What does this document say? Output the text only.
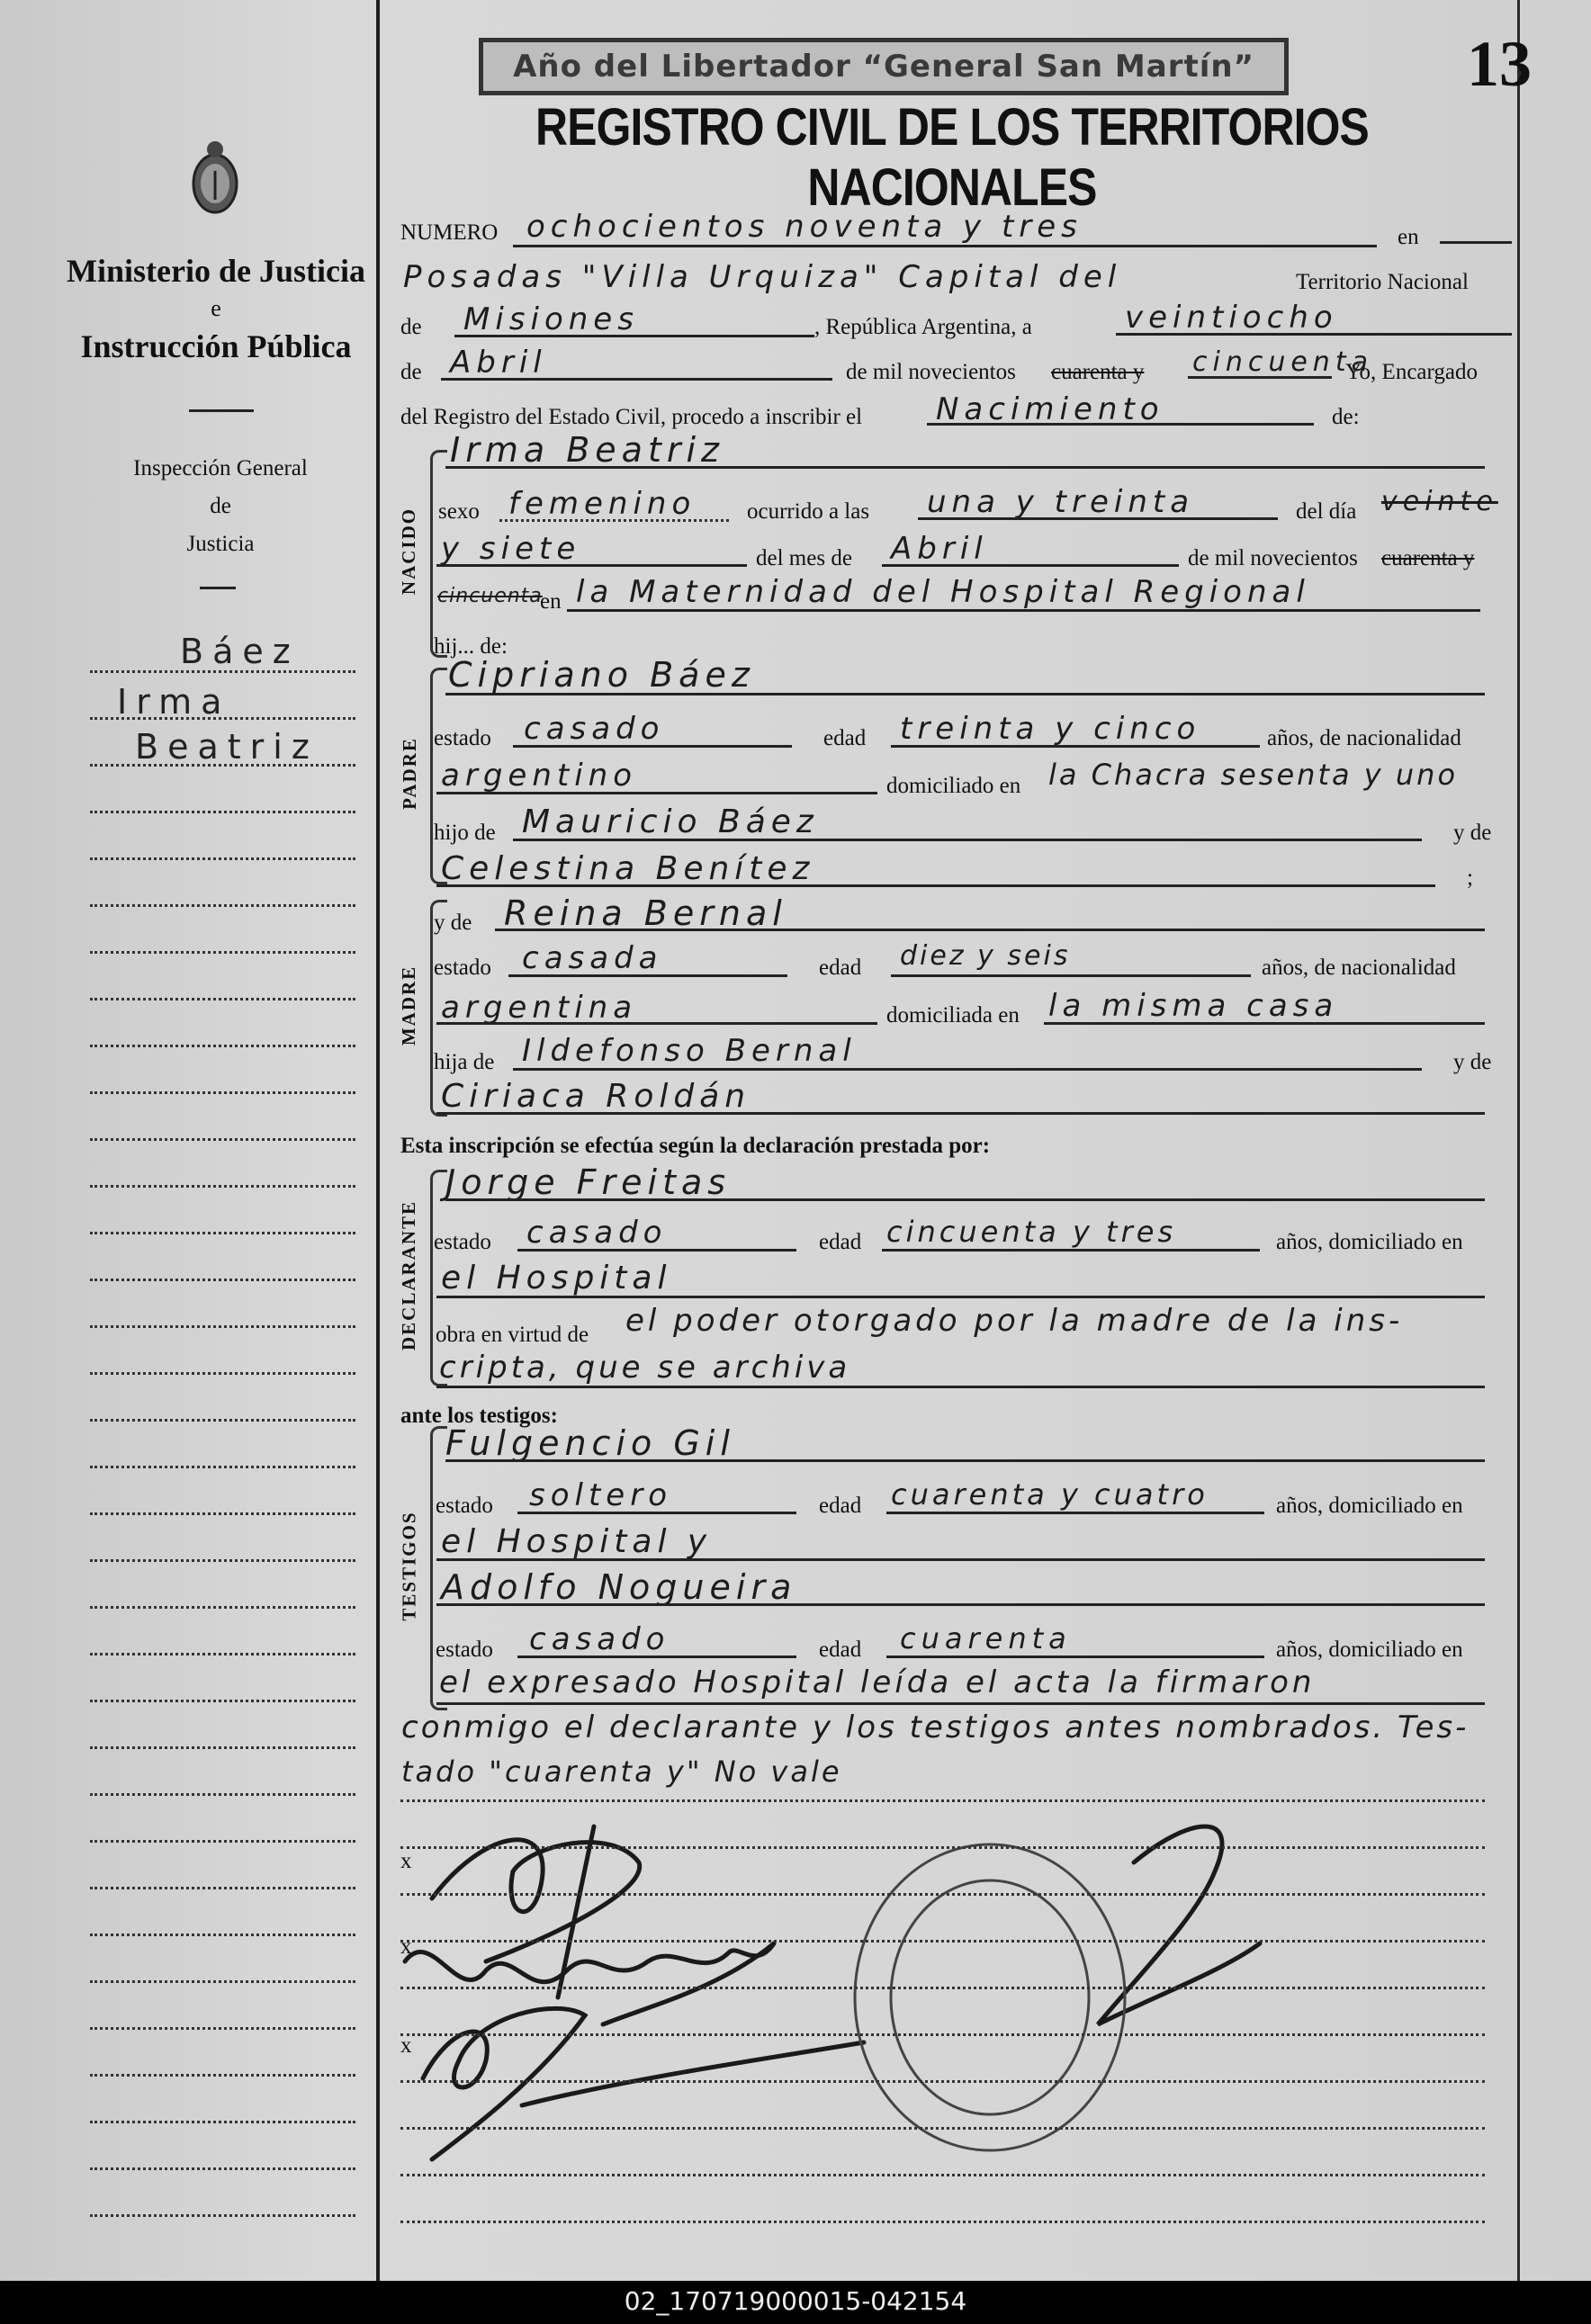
Año del Libertador “General San Martín”	13
REGISTRO CIVIL DE LOS TERRITORIOS NACIONALES
Ministerio de Justicia
e
Instrucción Pública
Inspección General
de
Justicia
Báez
Irma
Beatriz
NACIDO
PADRE
MADRE
DECLARANTE
TESTIGOS
NUMERO ochocientos noventa y tres	en
Posadas "Villa Urquiza" Capital del	Territorio Nacional
de Misiones	, República Argentina, a	veintiocho
de Abril	de mil novecientos cuarenta y cincuenta
Yo, Encargado
del Registro del Estado Civil, procedo a inscribir el Nacimiento	de:
Irma Beatriz
sexo femenino ocurrido a las una y treinta	del día veinte
y siete	del mes de Abril	de mil novecientos cuarenta y
cincuenta
en la Maternidad del Hospital Regional
hij... de:
Cipriano Báez
estado casado	edad treinta y cinco	años, de nacionalidad
argentino	domiciliado en la Chacra sesenta y uno
hijo de Mauricio Báez	y de
Celestina Benítez	;
y de Reina Bernal
estado casada	edad diez y seis	años, de nacionalidad
argentina	domiciliada en la misma casa
hija de Ildefonso Bernal	y de
Ciriaca Roldán
Esta inscripción se efectúa según la declaración prestada por:
Jorge Freitas
estado casado	edad cincuenta y tres	años, domiciliado en
el Hospital
obra en virtud de el poder otorgado por la madre de la ins-
cripta, que se archiva
ante los testigos:
Fulgencio Gil
estado soltero	edad cuarenta y cuatro	años, domiciliado en
el Hospital y
Adolfo Nogueira
estado casado	edad cuarenta	años, domiciliado en
el expresado Hospital leída el acta la firmaron
conmigo el declarante y los testigos antes nombrados. Tes-
tado "cuarenta y" No vale
x
x
x
02_170719000015-042154
